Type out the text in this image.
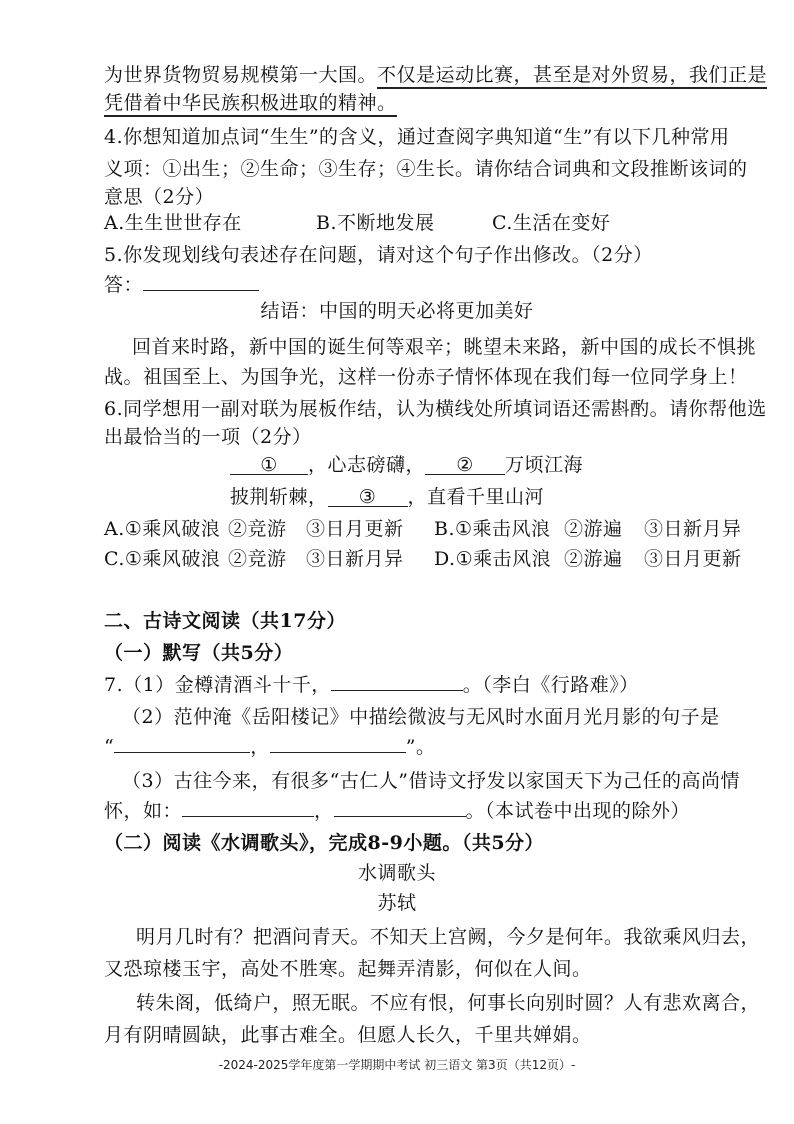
为世界货物贸易规模第一大国。不仅是运动比赛，甚至是对外贸易，我们正是
凭借着中华民族积极进取的精神。
4.你想知道加点词“生生”的含义，通过查阅字典知道“生”有以下几种常用
义项：①出生；②生命；③生存；④生长。请你结合词典和文段推断该词的
意思（2分）
A.生生世世存在	B.不断地发展	C.生活在变好
5.你发现划线句表述存在问题，请对这个句子作出修改。（2分）
答：
结语：中国的明天必将更加美好
回首来时路，新中国的诞生何等艰辛；眺望未来路，新中国的成长不惧挑
战。祖国至上、为国争光，这样一份赤子情怀体现在我们每一位同学身上！
6.同学想用一副对联为展板作结，认为横线处所填词语还需斟酌。请你帮他选
出最恰当的一项（2分）
① ，心志磅礴， ② 万顷江海
披荆斩棘， ③ ，直看千里山河
A.①乘风破浪 ②竞游 ③日月更新 B.①乘击风浪 ②游遍 ③日新月异
C.①乘风破浪 ②竞游 ③日新月异 D.①乘击风浪 ②游遍 ③日月更新
二、古诗文阅读（共17分）
（一）默写（共5分）
7.（1）金樽清酒斗十千，	。（李白《行路难》）
（2）范仲淹《岳阳楼记》中描绘微波与无风时水面月光月影的句子是
“	，	”。
（3）古往今来，有很多“古仁人”借诗文抒发以家国天下为己任的高尚情
怀，如：	，	。（本试卷中出现的除外）
（二）阅读《水调歌头》，完成8-9小题。（共5分）
水调歌头
苏轼
明月几时有？把酒问青天。不知天上宫阙，今夕是何年。我欲乘风归去，
又恐琼楼玉宇，高处不胜寒。起舞弄清影，何似在人间。
转朱阁，低绮户，照无眠。不应有恨，何事长向别时圆？人有悲欢离合，
月有阴晴圆缺，此事古难全。但愿人长久，千里共婵娟。
-2024-2025学年度第一学期期中考试 初三语文 第3页（共12页）-
